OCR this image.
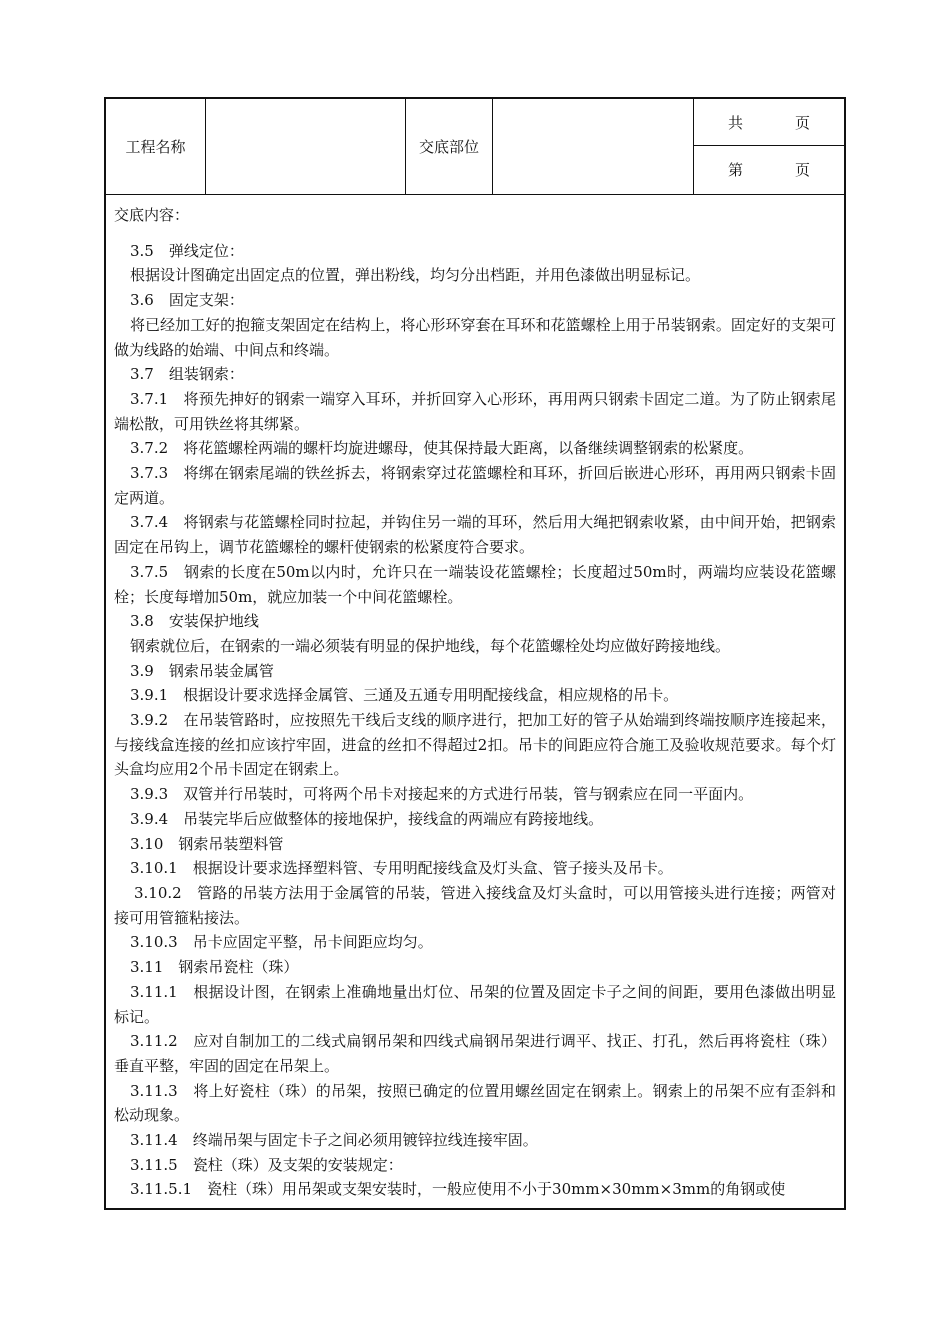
工程名称	交底部位
共	页
第	页

交底内容：

3.5　弹线定位：

根据设计图确定出固定点的位置，弹出粉线，均匀分出档距，并用色漆做出明显标记。

3.6　固定支架：

将已经加工好的抱箍支架固定在结构上，将心形环穿套在耳环和花篮螺栓上用于吊装钢索。固定好的支架可做为线路的始端、中间点和终端。

3.7　组装钢索：

3.7.1　将预先抻好的钢索一端穿入耳环，并折回穿入心形环，再用两只钢索卡固定二道。为了防止钢索尾端松散，可用铁丝将其绑紧。

3.7.2　将花篮螺栓两端的螺杆均旋进螺母，使其保持最大距离，以备继续调整钢索的松紧度。

3.7.3　将绑在钢索尾端的铁丝拆去，将钢索穿过花篮螺栓和耳环，折回后嵌进心形环，再用两只钢索卡固定两道。

3.7.4　将钢索与花篮螺栓同时拉起，并钩住另一端的耳环，然后用大绳把钢索收紧，由中间开始，把钢索固定在吊钩上，调节花篮螺栓的螺杆使钢索的松紧度符合要求。

3.7.5　钢索的长度在50m以内时，允许只在一端装设花篮螺栓；长度超过50m时，两端均应装设花篮螺栓；长度每增加50m，就应加装一个中间花篮螺栓。

3.8　安装保护地线

钢索就位后，在钢索的一端必须装有明显的保护地线，每个花篮螺栓处均应做好跨接地线。

3.9　钢索吊装金属管

3.9.1　根据设计要求选择金属管、三通及五通专用明配接线盒，相应规格的吊卡。

3.9.2　在吊装管路时，应按照先干线后支线的顺序进行，把加工好的管子从始端到终端按顺序连接起来，与接线盒连接的丝扣应该拧牢固，进盒的丝扣不得超过2扣。吊卡的间距应符合施工及验收规范要求。每个灯头盒均应用2个吊卡固定在钢索上。

3.9.3　双管并行吊装时，可将两个吊卡对接起来的方式进行吊装，管与钢索应在同一平面内。

3.9.4　吊装完毕后应做整体的接地保护，接线盒的两端应有跨接地线。

3.10　钢索吊装塑料管

3.10.1　根据设计要求选择塑料管、专用明配接线盒及灯头盒、管子接头及吊卡。

3.10.2　管路的吊装方法用于金属管的吊装，管进入接线盒及灯头盒时，可以用管接头进行连接；两管对接可用管箍粘接法。

3.10.3　吊卡应固定平整，吊卡间距应均匀。

3.11　钢索吊瓷柱（珠）

3.11.1　根据设计图，在钢索上准确地量出灯位、吊架的位置及固定卡子之间的间距，要用色漆做出明显标记。

3.11.2　应对自制加工的二线式扁钢吊架和四线式扁钢吊架进行调平、找正、打孔，然后再将瓷柱（珠）垂直平整，牢固的固定在吊架上。

3.11.3　将上好瓷柱（珠）的吊架，按照已确定的位置用螺丝固定在钢索上。钢索上的吊架不应有歪斜和松动现象。

3.11.4　终端吊架与固定卡子之间必须用镀锌拉线连接牢固。

3.11.5　瓷柱（珠）及支架的安装规定：

3.11.5.1　瓷柱（珠）用吊架或支架安装时，一般应使用不小于30mm×30mm×3mm的角钢或使
